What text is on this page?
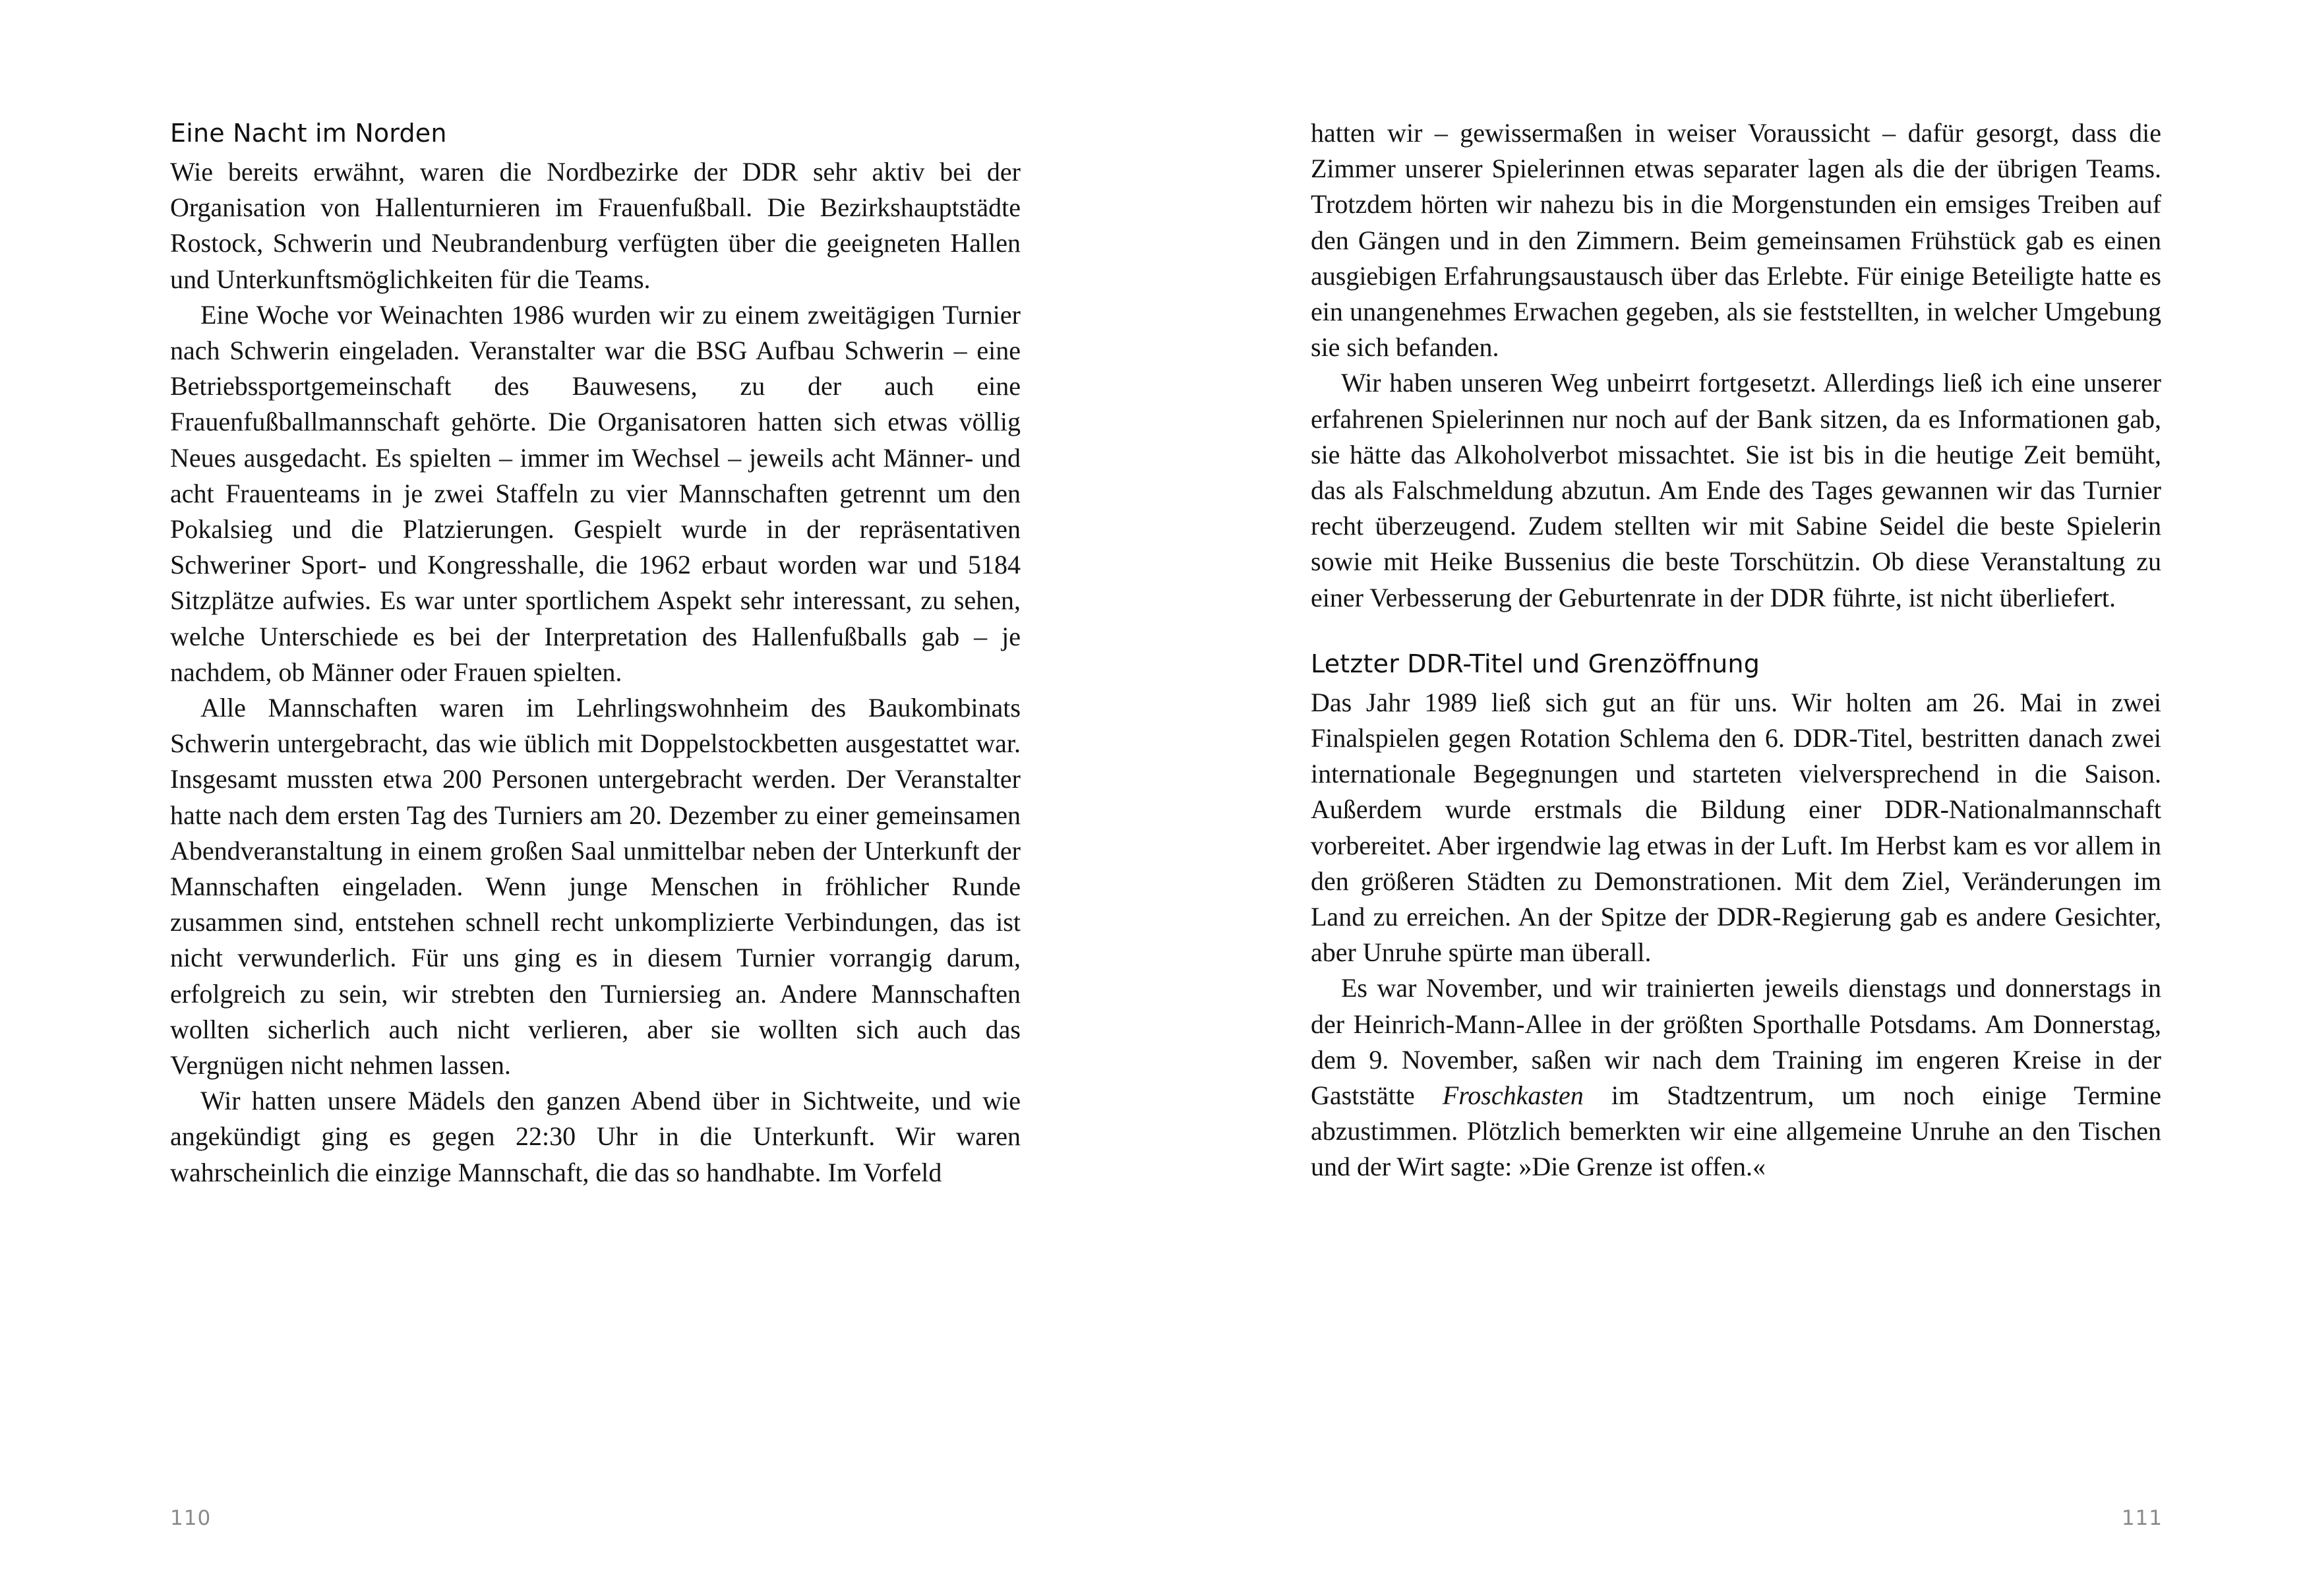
Eine Nacht im Norden

Wie bereits erwähnt, waren die Nordbezirke der DDR sehr aktiv bei der Organisation von Hallenturnieren im Frauenfußball. Die Bezirkshauptstädte Rostock, Schwerin und Neubrandenburg verfügten über die geeigneten Hallen und Unterkunftsmöglichkeiten für die Teams.

Eine Woche vor Weinachten 1986 wurden wir zu einem zweitägigen Turnier nach Schwerin eingeladen. Veranstalter war die BSG Aufbau Schwerin – eine Betriebssportgemeinschaft des Bauwesens, zu der auch eine Frauenfußballmannschaft gehörte. Die Organisatoren hatten sich etwas völlig Neues ausgedacht. Es spielten – immer im Wechsel – jeweils acht Männer- und acht Frauenteams in je zwei Staffeln zu vier Mannschaften getrennt um den Pokalsieg und die Platzierungen. Gespielt wurde in der repräsentativen Schweriner Sport- und Kongresshalle, die 1962 erbaut worden war und 5184 Sitzplätze aufwies. Es war unter sportlichem Aspekt sehr interessant, zu sehen, welche Unterschiede es bei der Interpretation des Hallenfußballs gab – je nachdem, ob Männer oder Frauen spielten.

Alle Mannschaften waren im Lehrlingswohnheim des Baukombinats Schwerin untergebracht, das wie üblich mit Doppelstockbetten ausgestattet war. Insgesamt mussten etwa 200 Personen untergebracht werden. Der Veranstalter hatte nach dem ersten Tag des Turniers am 20. Dezember zu einer gemeinsamen Abendveranstaltung in einem großen Saal unmittelbar neben der Unterkunft der Mannschaften eingeladen. Wenn junge Menschen in fröhlicher Runde zusammen sind, entstehen schnell recht unkomplizierte Verbindungen, das ist nicht verwunderlich. Für uns ging es in diesem Turnier vorrangig darum, erfolgreich zu sein, wir strebten den Turniersieg an. Andere Mannschaften wollten sicherlich auch nicht verlieren, aber sie wollten sich auch das Vergnügen nicht nehmen lassen.

Wir hatten unsere Mädels den ganzen Abend über in Sichtweite, und wie angekündigt ging es gegen 22:30 Uhr in die Unterkunft. Wir waren wahrscheinlich die einzige Mannschaft, die das so handhabte. Im Vorfeld

110

hatten wir – gewissermaßen in weiser Voraussicht – dafür gesorgt, dass die Zimmer unserer Spielerinnen etwas separater lagen als die der übrigen Teams. Trotzdem hörten wir nahezu bis in die Morgenstunden ein emsiges Treiben auf den Gängen und in den Zimmern. Beim gemeinsamen Frühstück gab es einen ausgiebigen Erfahrungsaustausch über das Erlebte. Für einige Beteiligte hatte es ein unangenehmes Erwachen gegeben, als sie feststellten, in welcher Umgebung sie sich befanden.

Wir haben unseren Weg unbeirrt fortgesetzt. Allerdings ließ ich eine unserer erfahrenen Spielerinnen nur noch auf der Bank sitzen, da es Informationen gab, sie hätte das Alkoholverbot missachtet. Sie ist bis in die heutige Zeit bemüht, das als Falschmeldung abzutun. Am Ende des Tages gewannen wir das Turnier recht überzeugend. Zudem stellten wir mit Sabine Seidel die beste Spielerin sowie mit Heike Bussenius die beste Torschützin. Ob diese Veranstaltung zu einer Verbesserung der Geburtenrate in der DDR führte, ist nicht überliefert.

Letzter DDR-Titel und Grenzöffnung

Das Jahr 1989 ließ sich gut an für uns. Wir holten am 26. Mai in zwei Finalspielen gegen Rotation Schlema den 6. DDR-Titel, bestritten danach zwei internationale Begegnungen und starteten vielversprechend in die Saison. Außerdem wurde erstmals die Bildung einer DDR-Nationalmannschaft vorbereitet. Aber irgendwie lag etwas in der Luft. Im Herbst kam es vor allem in den größeren Städten zu Demonstrationen. Mit dem Ziel, Veränderungen im Land zu erreichen. An der Spitze der DDR-Regierung gab es andere Gesichter, aber Unruhe spürte man überall.

Es war November, und wir trainierten jeweils dienstags und donnerstags in der Heinrich-Mann-Allee in der größten Sporthalle Potsdams. Am Donnerstag, dem 9. November, saßen wir nach dem Training im engeren Kreise in der Gaststätte Froschkasten im Stadtzentrum, um noch einige Termine abzustimmen. Plötzlich bemerkten wir eine allgemeine Unruhe an den Tischen und der Wirt sagte: »Die Grenze ist offen.«

111
